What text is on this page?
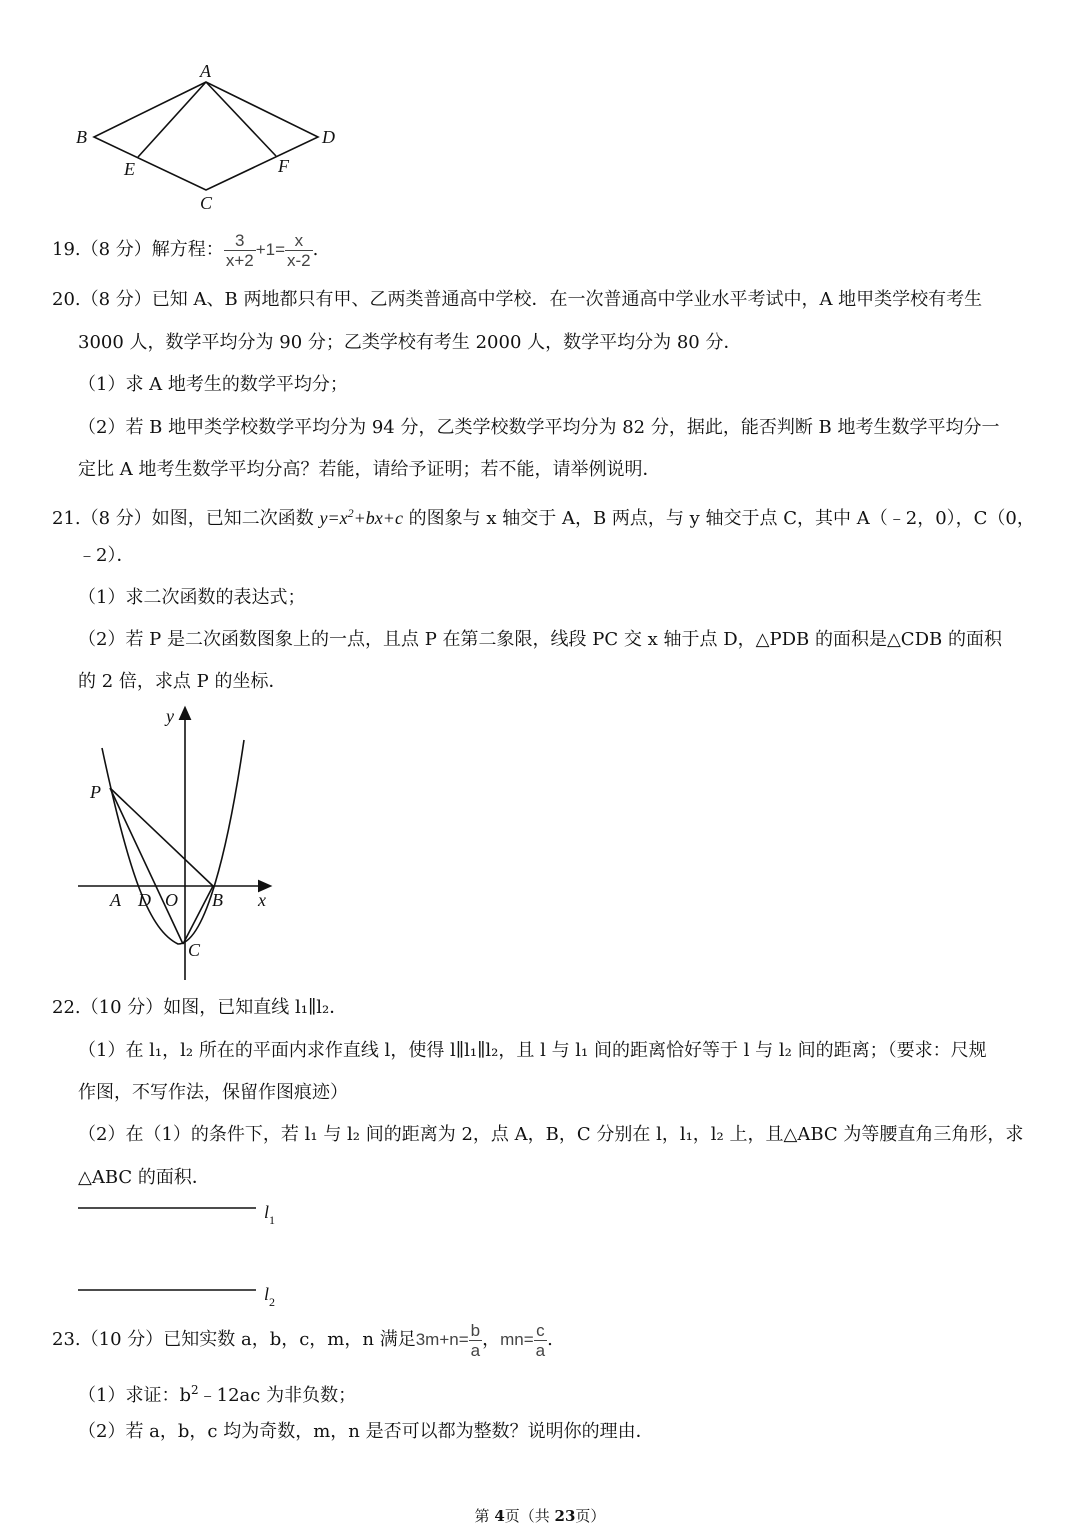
A
B
C
D
E	F
19.（8 分）解方程： $\frac{3}{x+2} +1= \frac{x}{x-2}$ .
20.（8 分）已知 A、B 两地都只有甲、乙两类普通高中学校．在一次普通高中学业水平考试中，A 地甲类学校有考生
3000 人，数学平均分为 90 分；乙类学校有考生 2000 人，数学平均分为 80 分．
（1）求 A 地考生的数学平均分；
（2）若 B 地甲类学校数学平均分为 94 分，乙类学校数学平均分为 82 分，据此，能否判断 B 地考生数学平均分一
定比 A 地考生数学平均分高？若能，请给予证明；若不能，请举例说明．
21.（8 分）如图，已知二次函数 $y=x^2+bx+c$ 的图象与 x 轴交于 A，B 两点，与 y 轴交于点 C，其中 A（﹣2，0），C（0，
﹣2）．
（1）求二次函数的表达式；
（2）若 P 是二次函数图象上的一点，且点 P 在第二象限，线段 PC 交 x 轴于点 D，△PDB 的面积是△CDB 的面积
的 2 倍，求点 P 的坐标．
y
x
P
A D O B
C
22.（10 分）如图，已知直线 l₁∥l₂．
（1）在 l₁，l₂ 所在的平面内求作直线 l，使得 l∥l₁∥l₂，且 l 与 l₁ 间的距离恰好等于 l 与 l₂ 间的距离；（要求：尺规
作图，不写作法，保留作图痕迹）
（2）在（1）的条件下，若 l₁ 与 l₂ 间的距离为 2，点 A，B，C 分别在 l，l₁，l₂ 上，且△ABC 为等腰直角三角形，求
△ABC 的面积．
$l_1$
$l_2$
23.（10 分）已知实数 a，b，c，m，n 满足$3m+n= \frac{b}{a}$ ，$mn= \frac{c}{a}$ .
（1）求证：$b^2﹣12ac$ 为非负数；
（2）若 a，b，c 均为奇数，m，n 是否可以都为整数？说明你的理由．
第 4页（共 23页）
